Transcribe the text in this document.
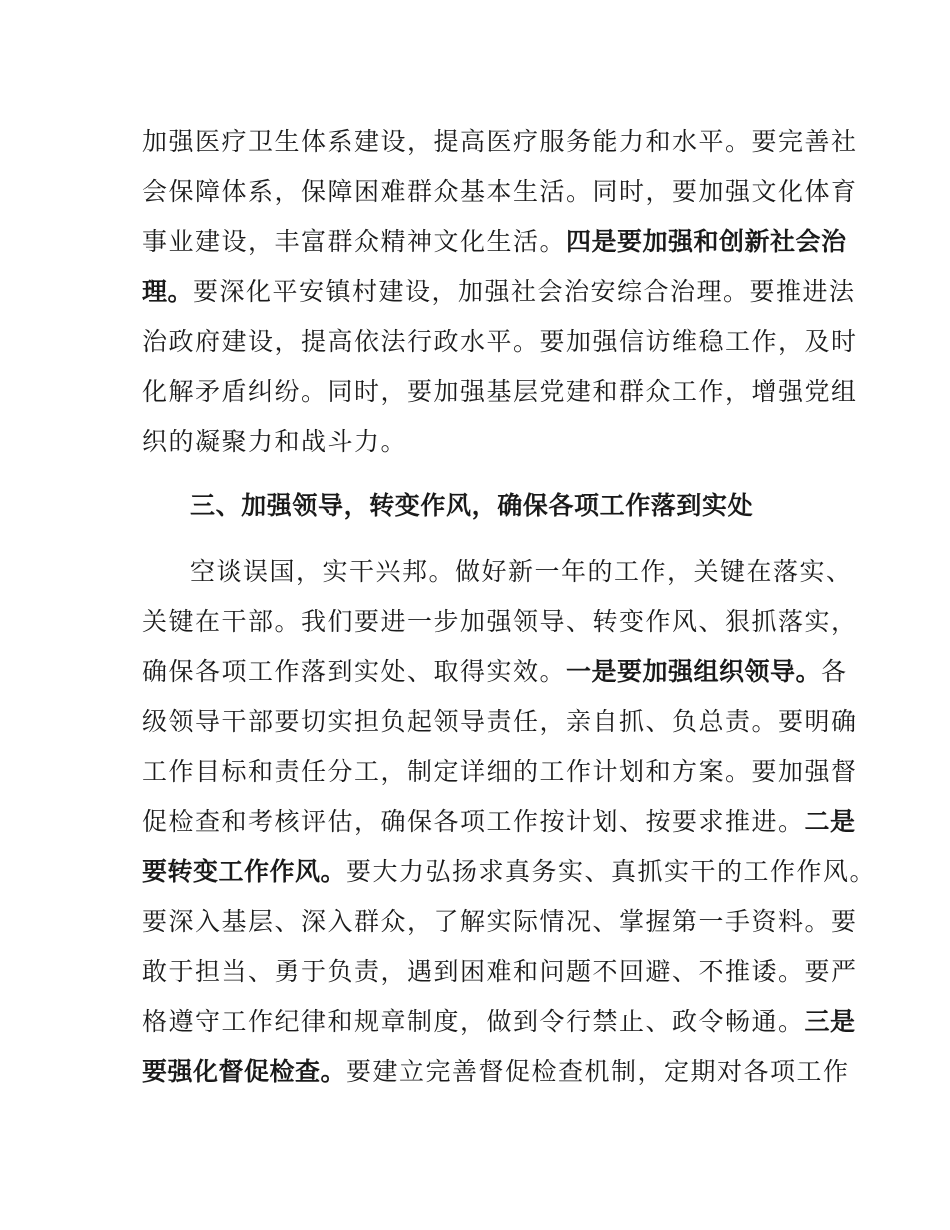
加强医疗卫生体系建设，提高医疗服务能力和水平。要完善社
会保障体系，保障困难群众基本生活。同时，要加强文化体育
事业建设，丰富群众精神文化生活。四是要加强和创新社会治
理。要深化平安镇村建设，加强社会治安综合治理。要推进法
治政府建设，提高依法行政水平。要加强信访维稳工作，及时
化解矛盾纠纷。同时，要加强基层党建和群众工作，增强党组
织的凝聚力和战斗力。
三、加强领导，转变作风，确保各项工作落到实处
空谈误国，实干兴邦。做好新一年的工作，关键在落实、
关键在干部。我们要进一步加强领导、转变作风、狠抓落实，
确保各项工作落到实处、取得实效。一是要加强组织领导。各
级领导干部要切实担负起领导责任，亲自抓、负总责。要明确
工作目标和责任分工，制定详细的工作计划和方案。要加强督
促检查和考核评估，确保各项工作按计划、按要求推进。二是
要转变工作作风。要大力弘扬求真务实、真抓实干的工作作风。
要深入基层、深入群众，了解实际情况、掌握第一手资料。要
敢于担当、勇于负责，遇到困难和问题不回避、不推诿。要严
格遵守工作纪律和规章制度，做到令行禁止、政令畅通。三是
要强化督促检查。要建立完善督促检查机制，定期对各项工作
